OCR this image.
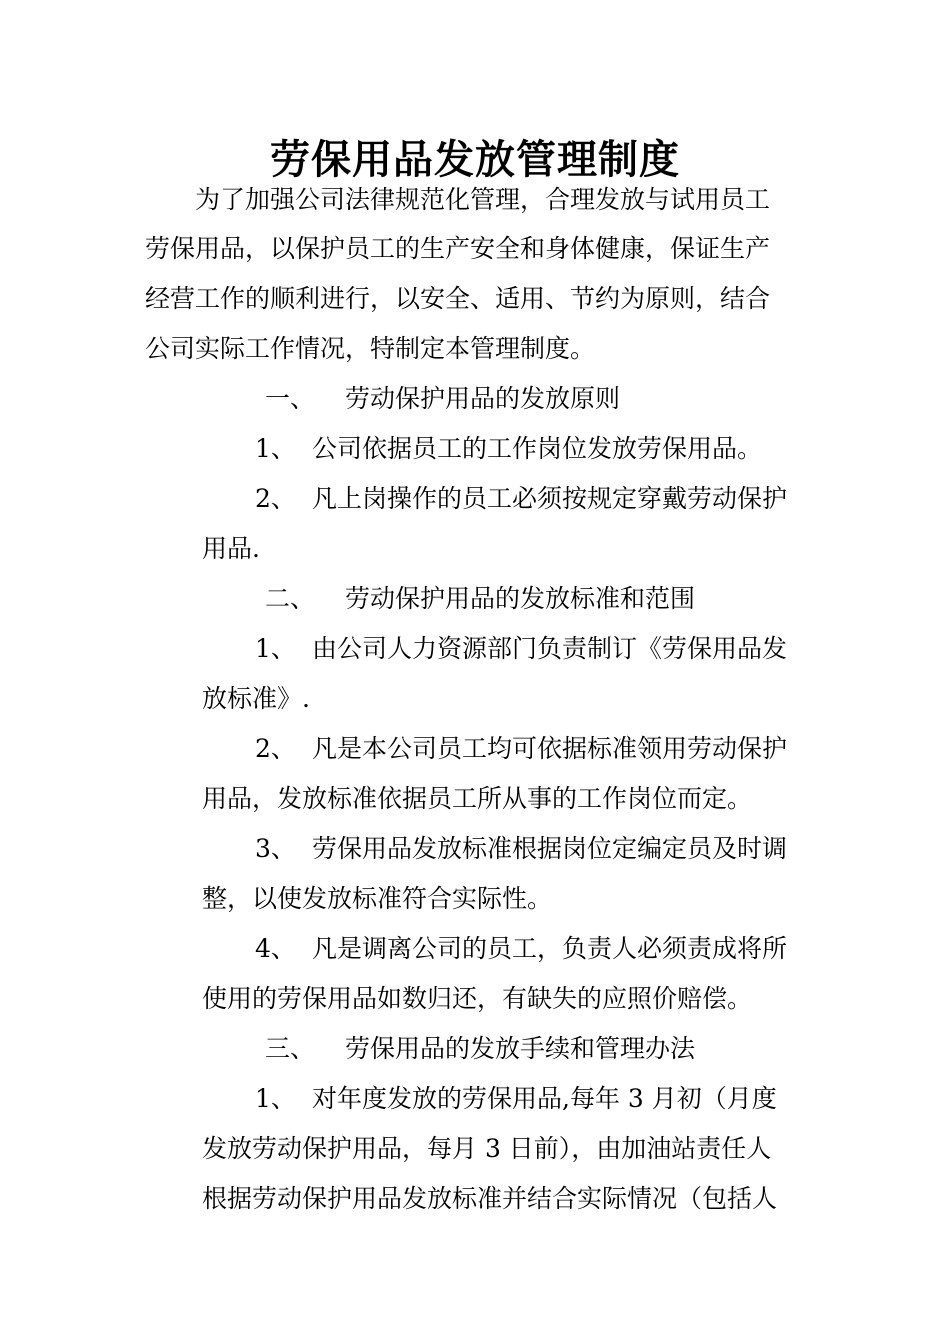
劳保用品发放管理制度
为了加强公司法律规范化管理，合理发放与试用员工
劳保用品，以保护员工的生产安全和身体健康，保证生产
经营工作的顺利进行，以安全、适用、节约为原则，结合
公司实际工作情况，特制定本管理制度。
一、 劳动保护用品的发放原则
1、 公司依据员工的工作岗位发放劳保用品。
2、 凡上岗操作的员工必须按规定穿戴劳动保护
用品.
二、 劳动保护用品的发放标准和范围
1、 由公司人力资源部门负责制订《劳保用品发
放标准》.
2、 凡是本公司员工均可依据标准领用劳动保护
用品，发放标准依据员工所从事的工作岗位而定。
3、 劳保用品发放标准根据岗位定编定员及时调
整，以使发放标准符合实际性。
4、 凡是调离公司的员工，负责人必须责成将所
使用的劳保用品如数归还，有缺失的应照价赔偿。
三、 劳保用品的发放手续和管理办法
1、 对年度发放的劳保用品,每年 3 月初（月度
发放劳动保护用品，每月 3 日前），由加油站责任人
根据劳动保护用品发放标准并结合实际情况（包括人
